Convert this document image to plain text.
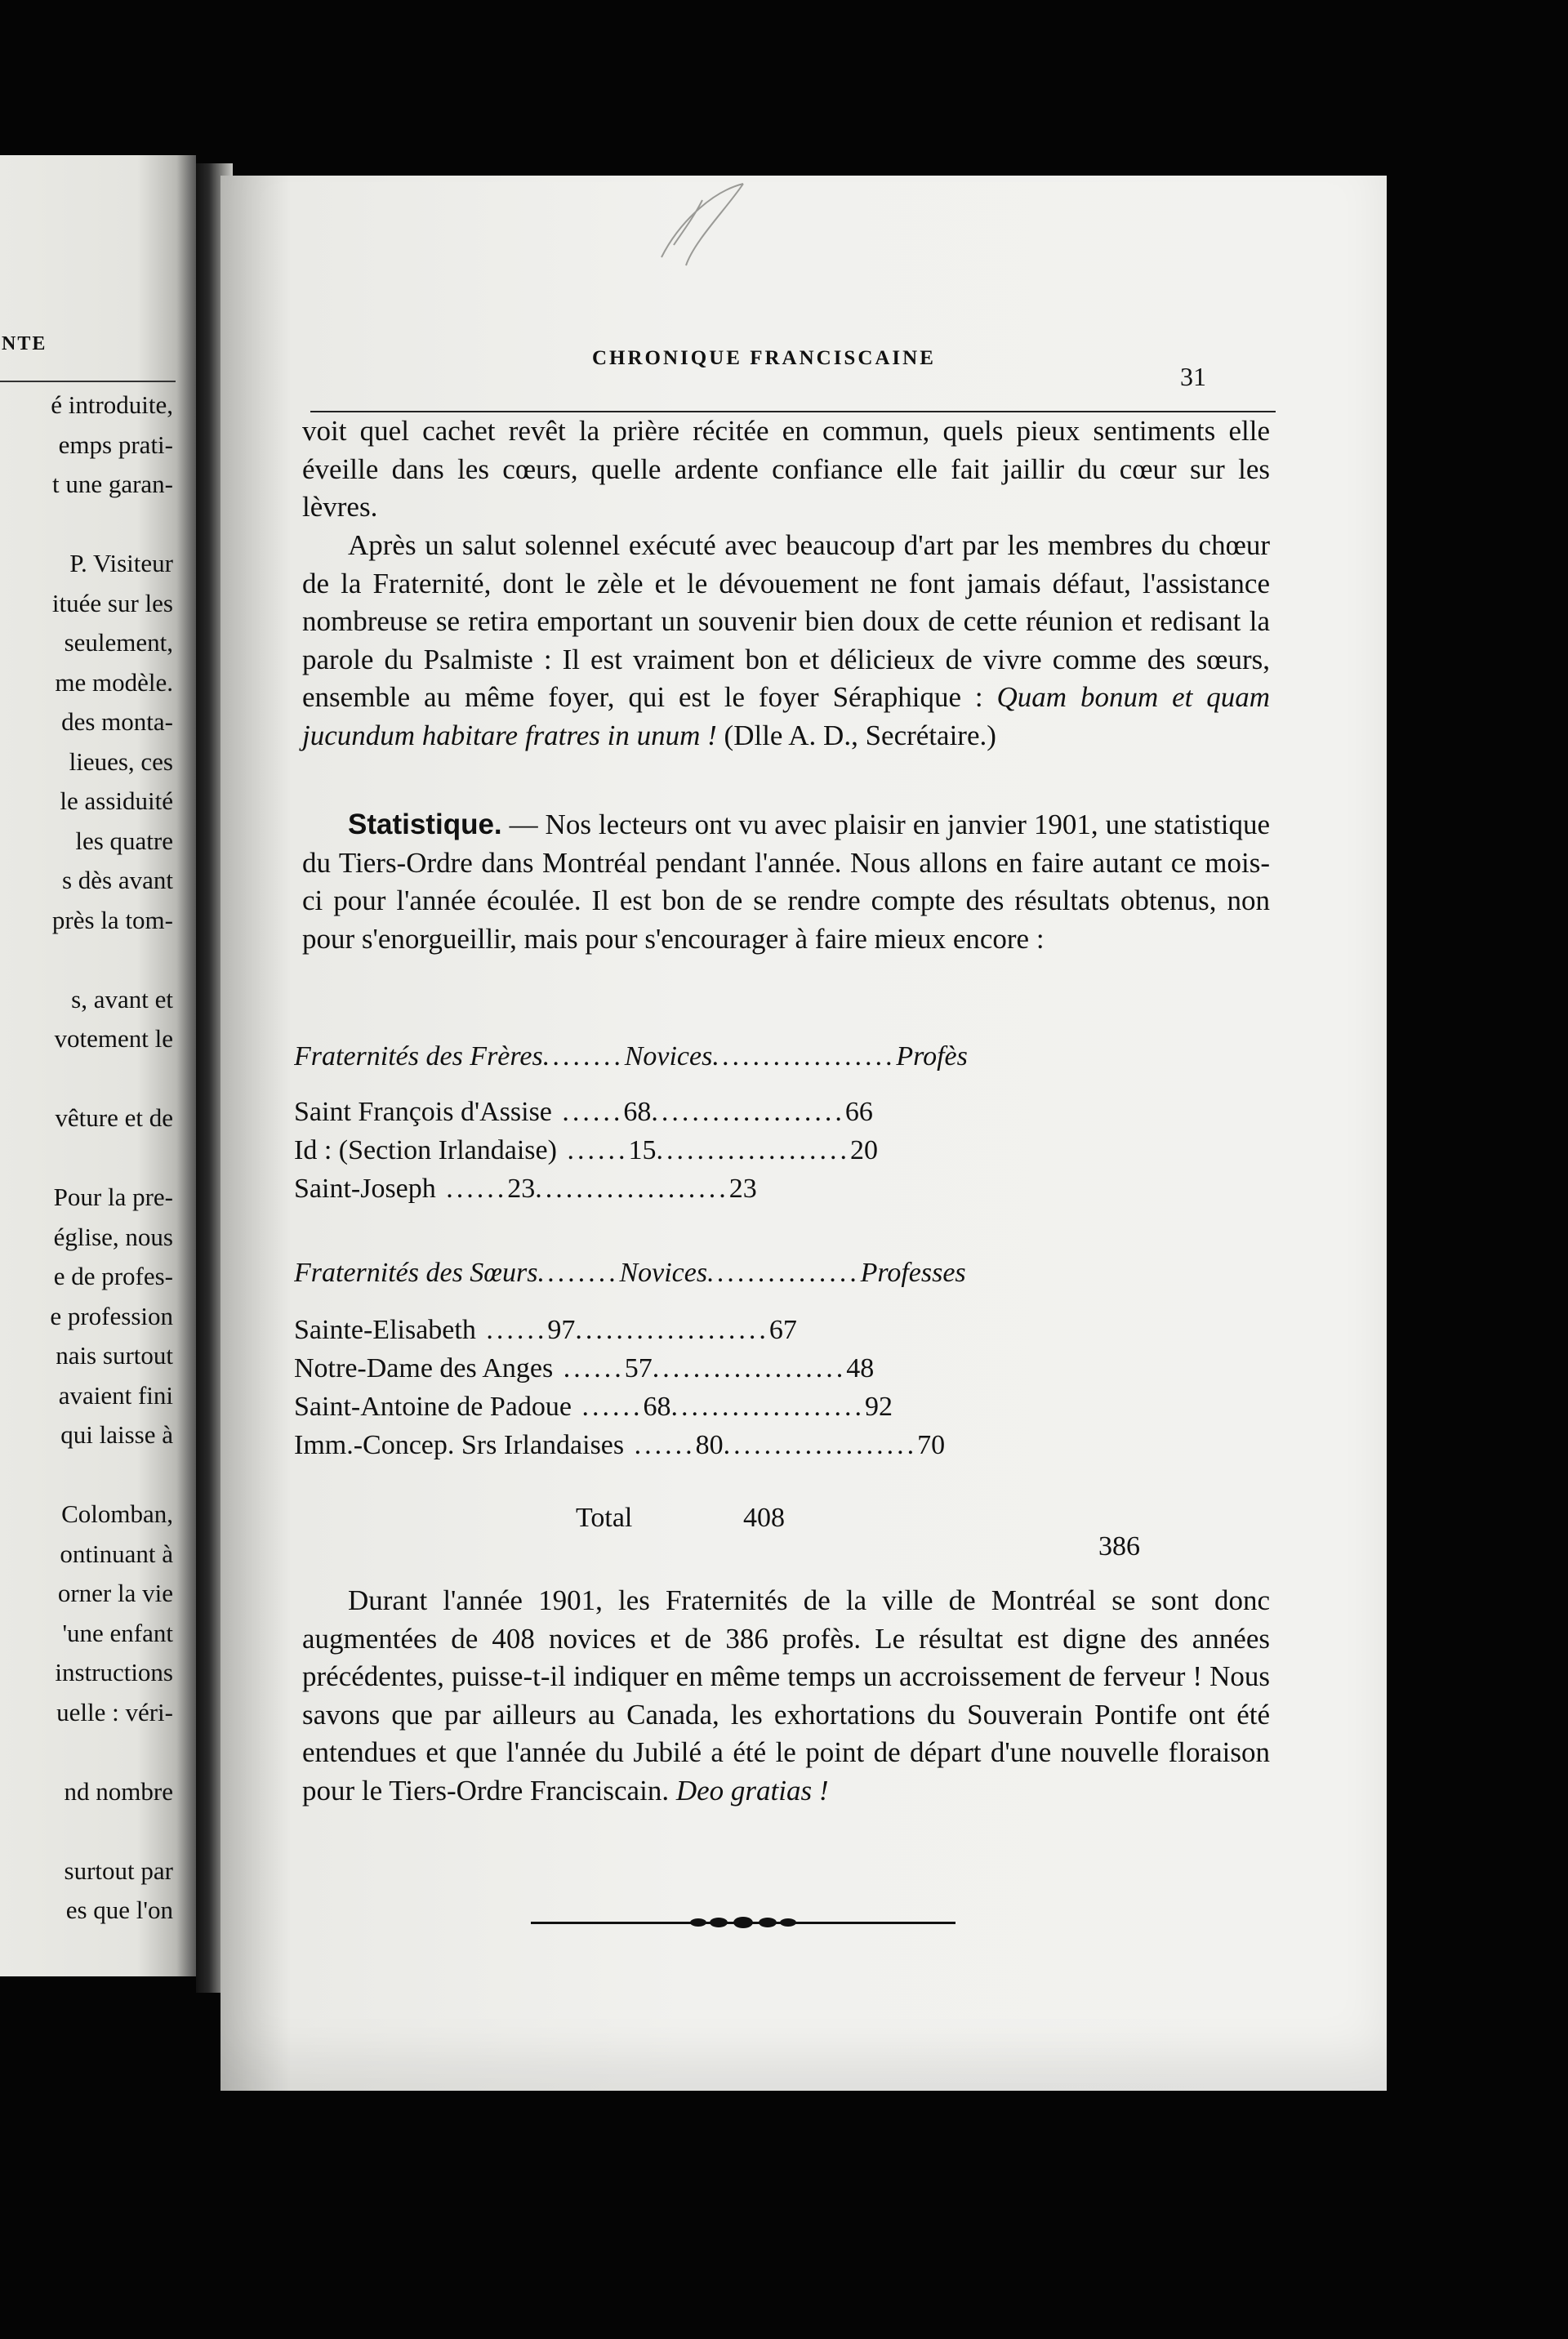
NTE
é introduite,
emps prati-
t une garan-
P. Visiteur
ituée sur les
seulement,
me modèle.
des monta-
lieues, ces
le assiduité
les quatre
s dès avant
près la tom-
s, avant et
votement le
vêture et de
Pour la pre-
église, nous
e de profes-
e profession
nais surtout
avaient fini
qui laisse à
Colomban,
ontinuant à
orner la vie
'une enfant
instructions
uelle : véri-
nd nombre
surtout par
es que l'on
CHRONIQUE FRANCISCAINE
31

voit quel cachet revêt la prière récitée en commun, quels pieux sentiments elle éveille dans les cœurs, quelle ardente confiance elle fait jaillir du cœur sur les lèvres.

Après un salut solennel exécuté avec beaucoup d'art par les membres du chœur de la Fraternité, dont le zèle et le dévouement ne font jamais défaut, l'assistance nombreuse se retira emportant un souvenir bien doux de cette réunion et redisant la parole du Psalmiste : Il est vraiment bon et délicieux de vivre comme des sœurs, ensemble au même foyer, qui est le foyer Séraphique : Quam bonum et quam jucundum habitare fratres in unum ! (Dlle A. D., Secrétaire.)

Statistique. — Nos lecteurs ont vu avec plaisir en janvier 1901, une statistique du Tiers-Ordre dans Montréal pendant l'année. Nous allons en faire autant ce mois-ci pour l'année écoulée. Il est bon de se rendre compte des résultats obtenus, non pour s'enorgueillir, mais pour s'encourager à faire mieux encore :

Fraternités des Frères........Novices..................Profès
Saint François d'Assise ......68...................66
Id : (Section Irlandaise) ......15...................20
Saint-Joseph ......23...................23
Fraternités des Sœurs........Novices...............Professes
Sainte-Elisabeth ......97...................67
Notre-Dame des Anges ......57...................48
Saint-Antoine de Padoue ......68...................92
Imm.-Concep. Srs Irlandaises ......80...................70
Total	408
386

Durant l'année 1901, les Fraternités de la ville de Montréal se sont donc augmentées de 408 novices et de 386 profès. Le résultat est digne des années précédentes, puisse-t-il indiquer en même temps un accroissement de ferveur ! Nous savons que par ailleurs au Canada, les exhortations du Souverain Pontife ont été entendues et que l'année du Jubilé a été le point de départ d'une nouvelle floraison pour le Tiers-Ordre Franciscain. Deo gratias !
